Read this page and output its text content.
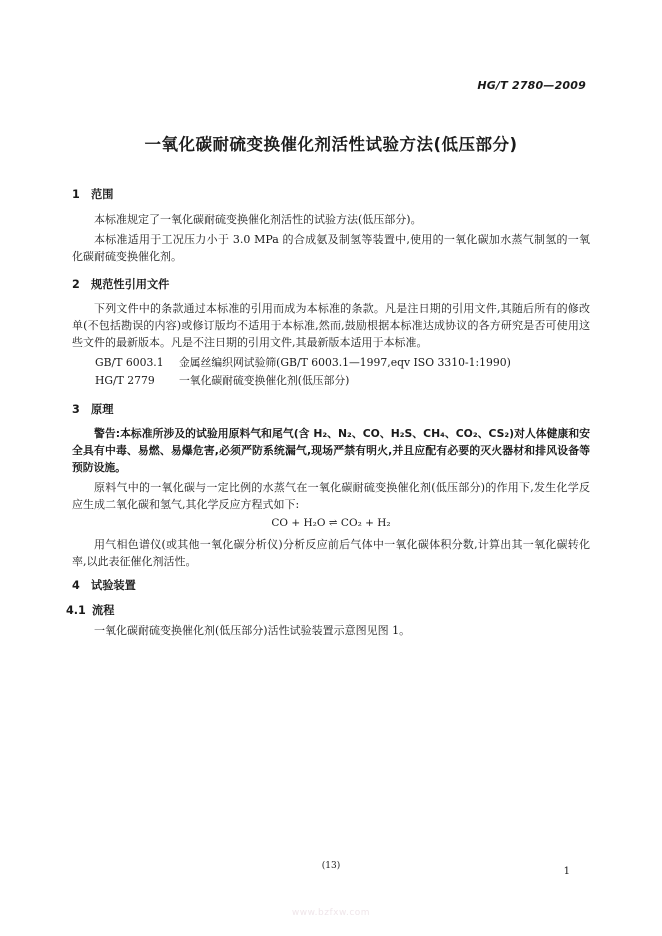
HG/T 2780—2009
一氧化碳耐硫变换催化剂活性试验方法(低压部分)
1 范围
本标准规定了一氧化碳耐硫变换催化剂活性的试验方法(低压部分)。
本标准适用于工况压力小于 3.0 MPa 的合成氨及制氢等装置中,使用的一氧化碳加水蒸气制氢的一氧化碳耐硫变换催化剂。
2 规范性引用文件
下列文件中的条款通过本标准的引用而成为本标准的条款。凡是注日期的引用文件,其随后所有的修改单(不包括勘误的内容)或修订版均不适用于本标准,然而,鼓励根据本标准达成协议的各方研究是否可使用这些文件的最新版本。凡是不注日期的引用文件,其最新版本适用于本标准。
GB/T 6003.1 金属丝编织网试验筛(GB/T 6003.1—1997,eqv ISO 3310-1:1990)
HG/T 2779 一氧化碳耐硫变换催化剂(低压部分)
3 原理
警告:本标准所涉及的试验用原料气和尾气(含 H₂、N₂、CO、H₂S、CH₄、CO₂、CS₂)对人体健康和安全具有中毒、易燃、易爆危害,必须严防系统漏气,现场严禁有明火,并且应配有必要的灭火器材和排风设备等预防设施。
原料气中的一氧化碳与一定比例的水蒸气在一氧化碳耐硫变换催化剂(低压部分)的作用下,发生化学反应生成二氧化碳和氢气,其化学反应方程式如下:
CO + H₂O ⇌ CO₂ + H₂
用气相色谱仪(或其他一氧化碳分析仪)分析反应前后气体中一氧化碳体积分数,计算出其一氧化碳转化率,以此表征催化剂活性。
4 试验装置
4.1 流程
一氧化碳耐硫变换催化剂(低压部分)活性试验装置示意图见图 1。
(13)	1
www.bzfxw.com
